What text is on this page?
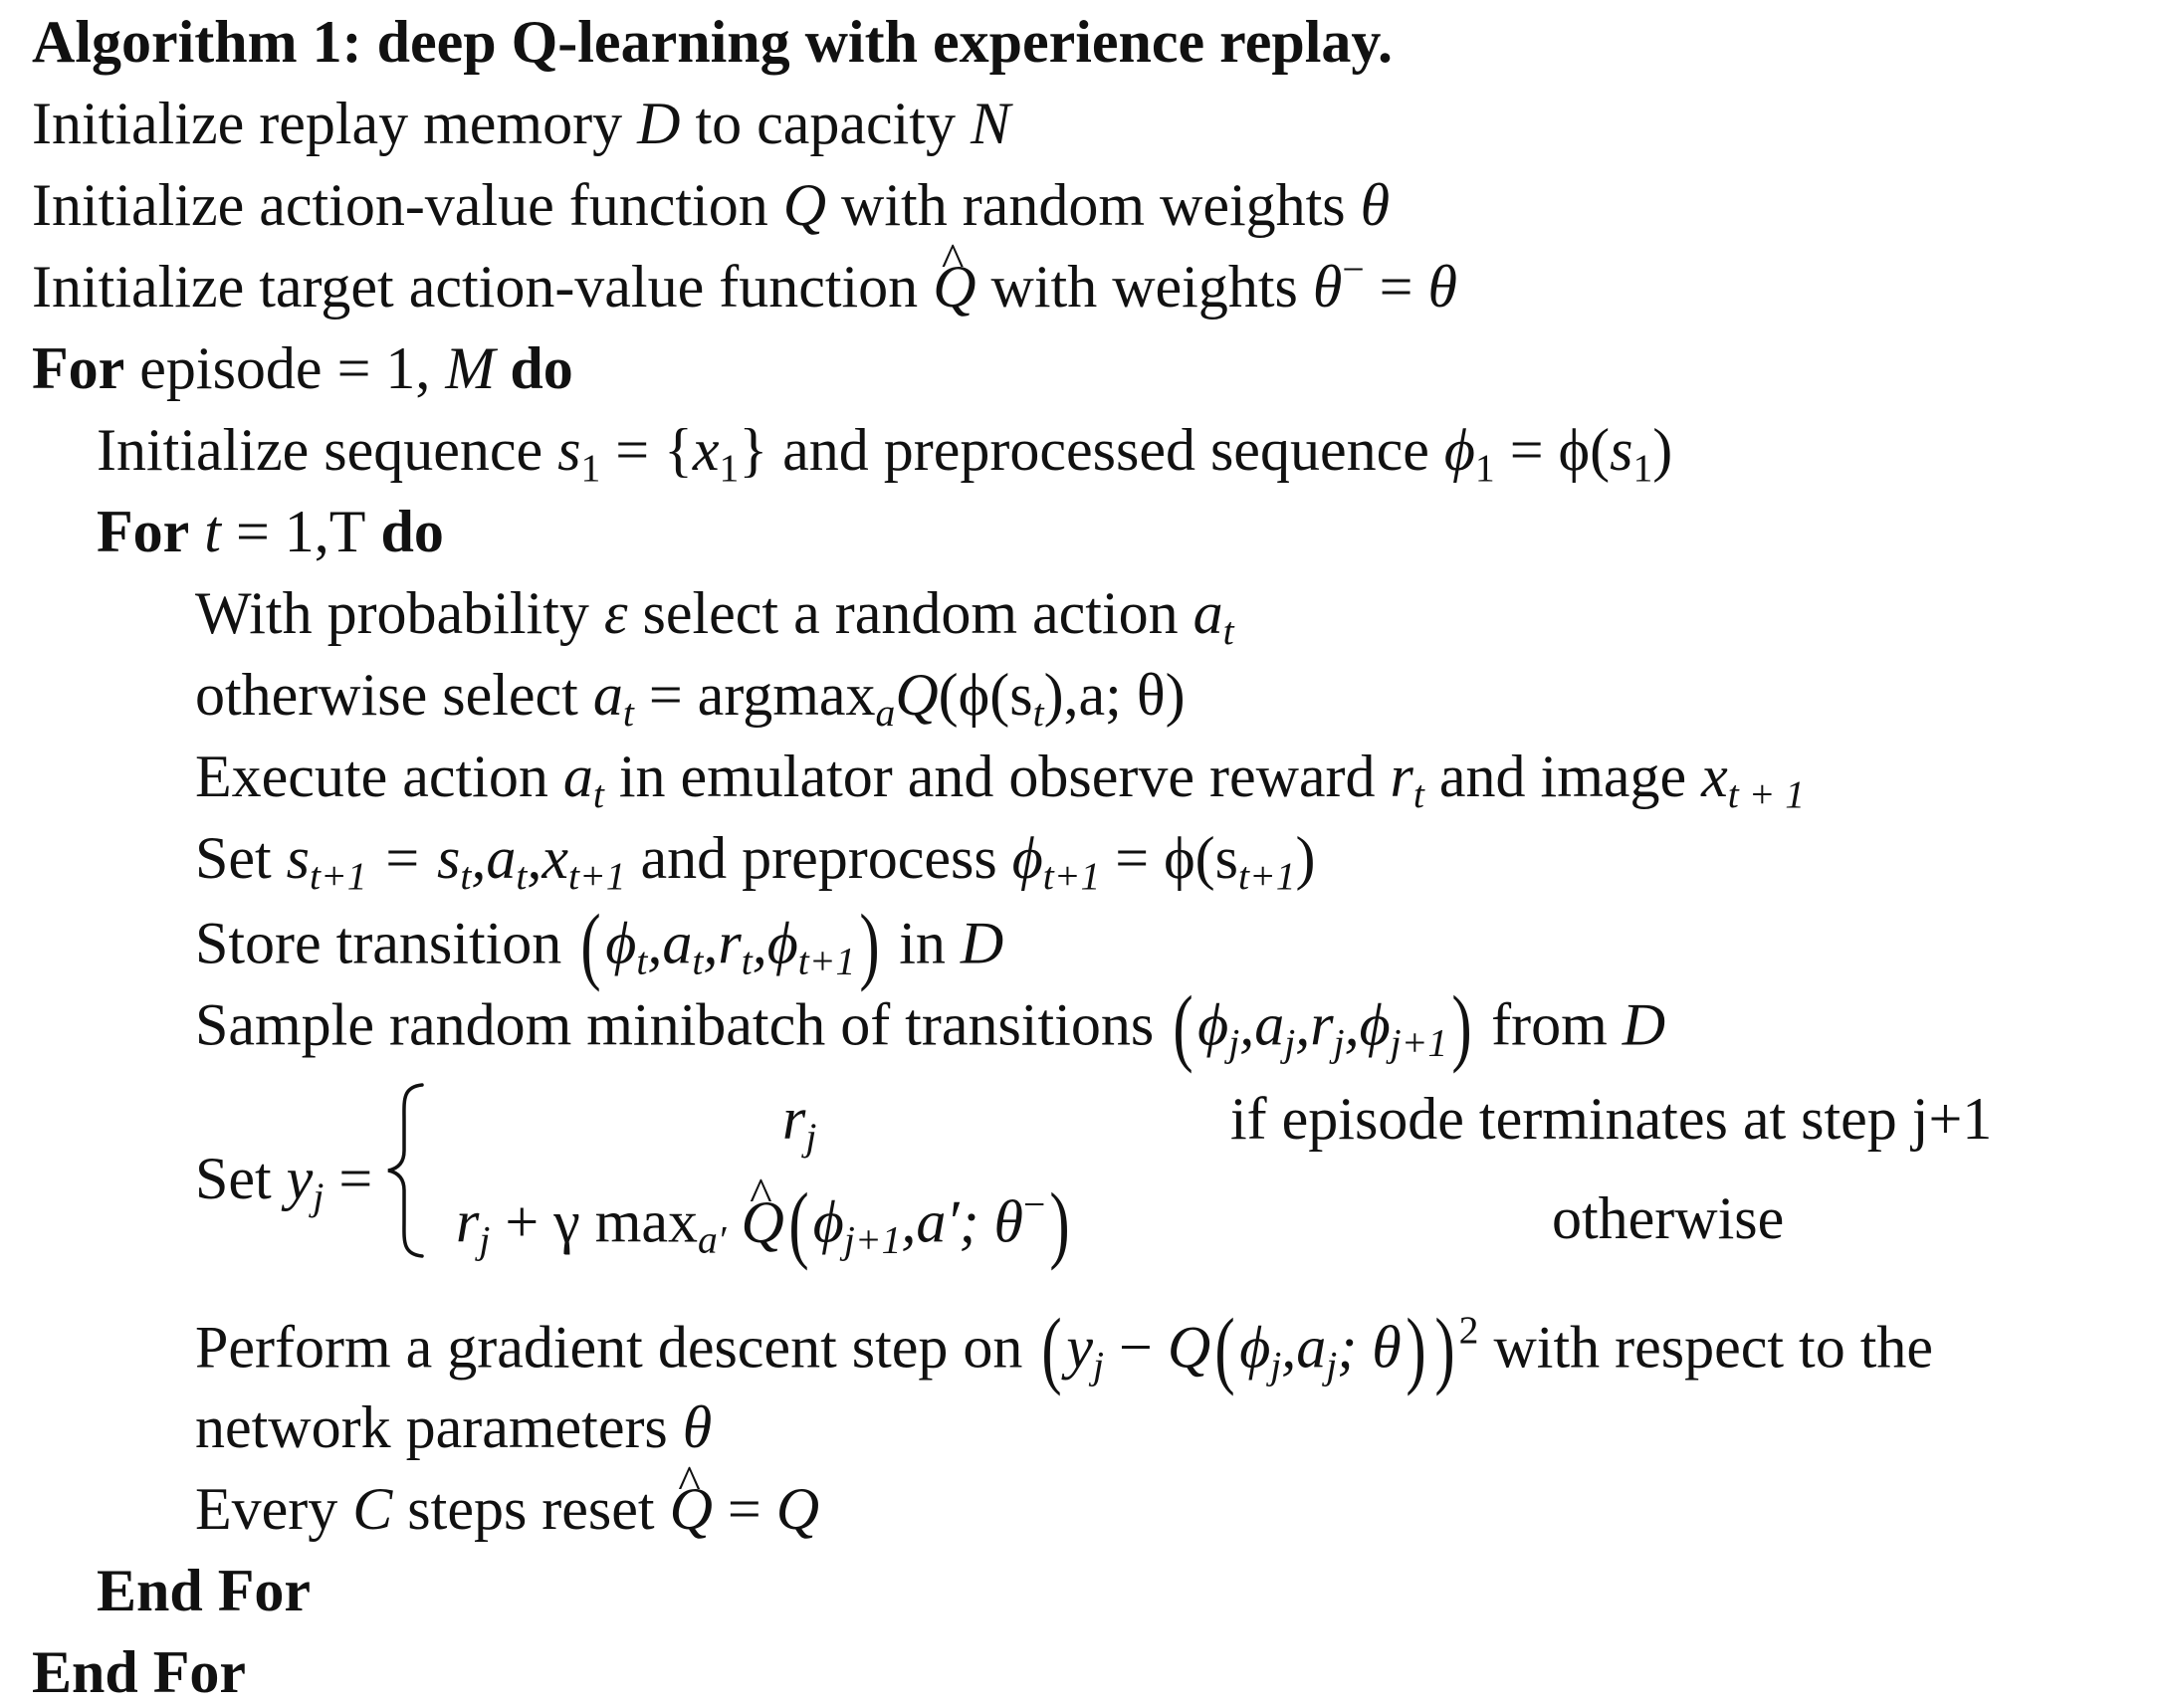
Algorithm 1: deep Q-learning with experience replay.
Initialize replay memory D to capacity N
Initialize action-value function Q with random weights θ
Initialize target action-value function ^ Q with weights θ− = θ
For episode = 1, M do
Initialize sequence $s_1 = \{x_1\}$ and preprocessed sequence $\phi_1 = \phi(s_1)$
For t = 1,T do
With probability ε select a random action $a_t$
otherwise select $a_t = argmax_aQ(\phi(s_t),a$; θ)
Execute action $a_t$ in emulator and observe reward $r_t$ and image $x_{t + 1}$
Set $s_{t+1} = s_t,a_t,x_{t+1}$ and preprocess $\phi_{t+1} = \phi(s_{t+1})$
Store transition $(\phi_t,a_t,r_t,\phi_{t+1})$ in D
Sample random minibatch of transitions $(\phi_j,a_j,r_j,\phi_{j+1})$ from D
Set $y_j$ =
$r_j$	if episode terminates at step j+1
$r_j + \gamma$ $\max_{a'}$ ^ $Q(\phi_{j+1},a'$; θ−)	otherwise
Perform a gradient descent step on ($y_j - Q(\phi_j,a_j$; θ)) $^2$ with respect to the
network parameters θ
Every C steps reset ^ Q = Q
End For
End For
